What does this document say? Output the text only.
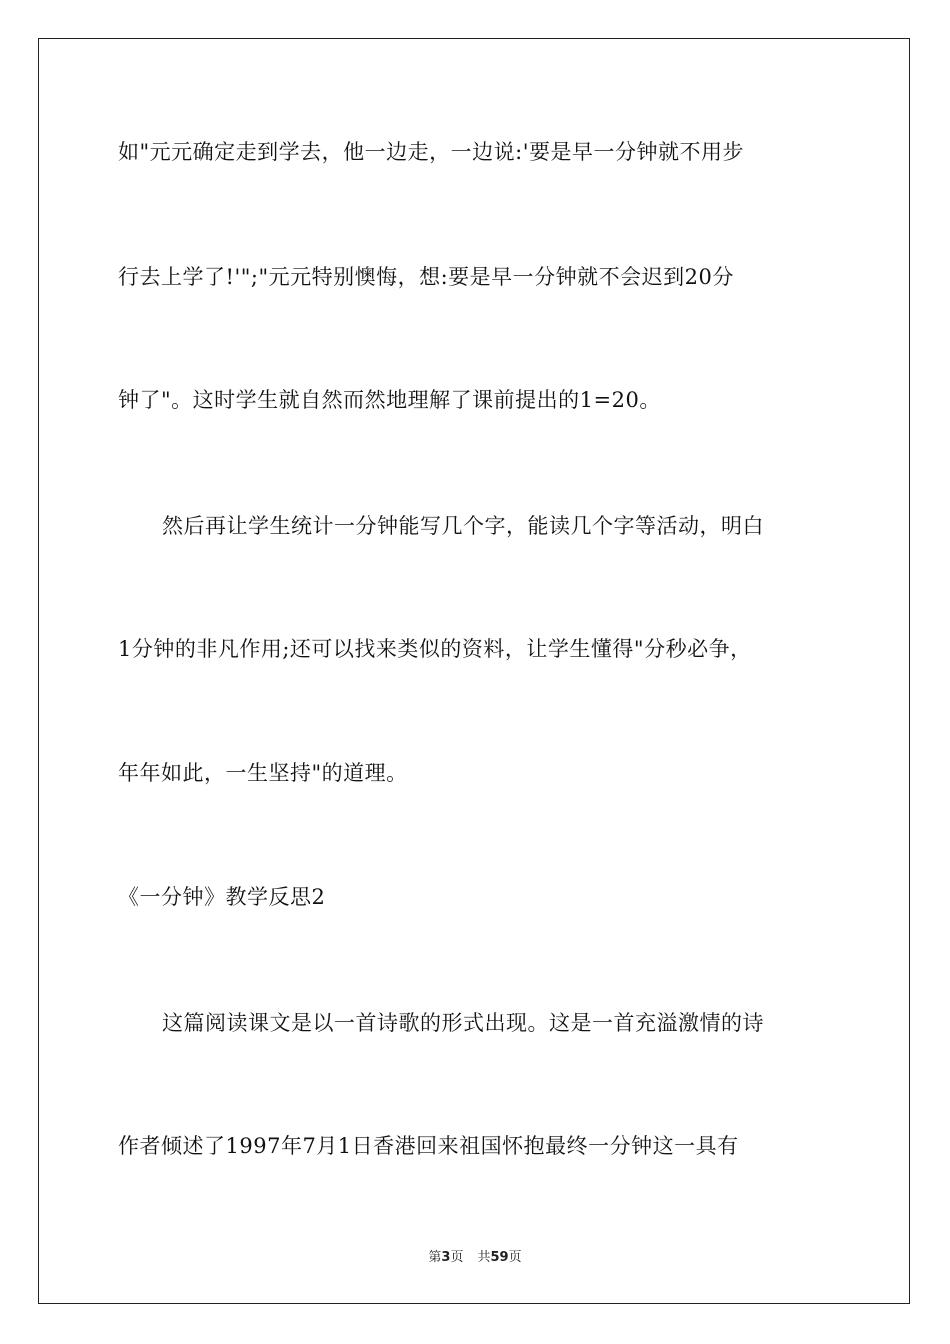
如"元元确定走到学去，他一边走，一边说:'要是早一分钟就不用步
行去上学了!'";"元元特别懊悔，想:要是早一分钟就不会迟到20分
钟了"。这时学生就自然而然地理解了课前提出的1=20。
然后再让学生统计一分钟能写几个字，能读几个字等活动，明白
1分钟的非凡作用;还可以找来类似的资料，让学生懂得"分秒必争，
年年如此，一生坚持"的道理。
《一分钟》教学反思2
这篇阅读课文是以一首诗歌的形式出现。这是一首充溢激情的诗
作者倾述了1997年7月1日香港回来祖国怀抱最终一分钟这一具有
第3页 共59页
